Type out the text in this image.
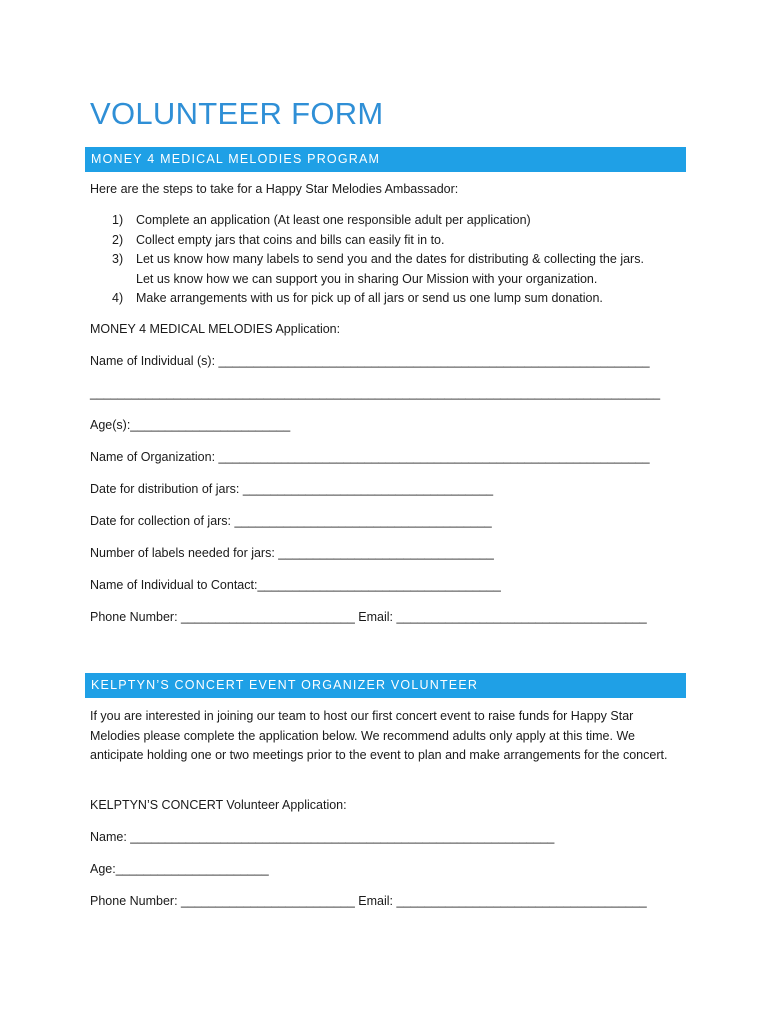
VOLUNTEER FORM
MONEY 4 MEDICAL MELODIES PROGRAM

Here are the steps to take for a Happy Star Melodies Ambassador:

1) Complete an application (At least one responsible adult per application)
2) Collect empty jars that coins and bills can easily fit in to.
3) Let us know how many labels to send you and the dates for distributing & collecting the jars.
Let us know how we can support you in sharing Our Mission with your organization.
4) Make arrangements with us for pick up of all jars or send us one lump sum donation.

MONEY 4 MEDICAL MELODIES Application:

Name of Individual (s): ______________________________________________________________

__________________________________________________________________________________

Age(s):_______________________

Name of Organization: ______________________________________________________________

Date for distribution of jars: ____________________________________

Date for collection of jars: _____________________________________

Number of labels needed for jars: _______________________________

Name of Individual to Contact:___________________________________

Phone Number: _________________________ Email: ____________________________________

KELPTYN’S CONCERT EVENT ORGANIZER VOLUNTEER

If you are interested in joining our team to host our first concert event to raise funds for Happy Star Melodies please complete the application below. We recommend adults only apply at this time. We anticipate holding one or two meetings prior to the event to plan and make arrangements for the concert.

KELPTYN’S CONCERT Volunteer Application:

Name: _____________________________________________________________

Age:______________________

Phone Number: _________________________ Email: ____________________________________
